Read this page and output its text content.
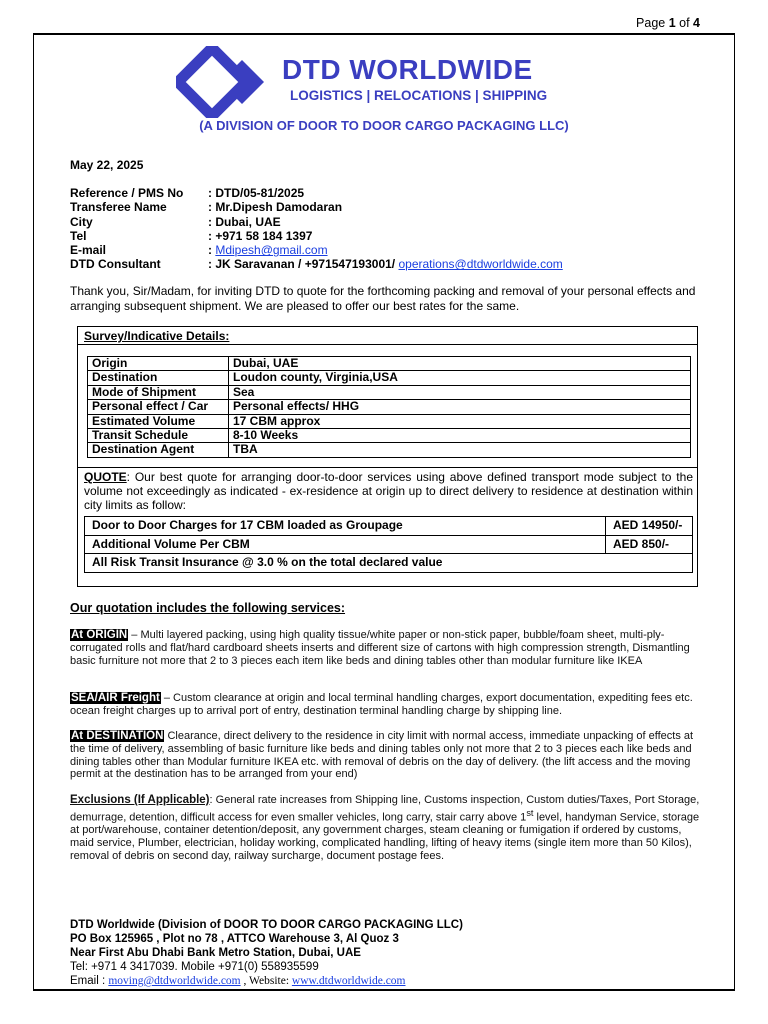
Page 1 of 4
DTD WORLDWIDE
LOGISTICS | RELOCATIONS | SHIPPING
(A DIVISION OF DOOR TO DOOR CARGO PACKAGING LLC)
May 22, 2025
Reference / PMS No : DTD/05-81/2025
Transferee Name	: Mr.Dipesh Damodaran
City	: Dubai, UAE
Tel	: +971 58 184 1397
E-mail	: Mdipesh@gmail.com
DTD Consultant	: JK Saravanan / +971547193001/ operations@dtdworldwide.com
Thank you, Sir/Madam, for inviting DTD to quote for the forthcoming packing and removal of your personal effects and arranging subsequent shipment. We are pleased to offer our best rates for the same.
Survey/Indicative Details:
Origin	Dubai, UAE
Destination	Loudon county, Virginia,USA
Mode of Shipment	Sea
Personal effect / Car	Personal effects/ HHG
Estimated Volume	17 CBM approx
Transit Schedule	8-10 Weeks
Destination Agent	TBA
QUOTE: Our best quote for arranging door-to-door services using above defined transport mode subject to the volume not exceedingly as indicated - ex-residence at origin up to direct delivery to residence at destination within city limits as follow:
Door to Door Charges for 17 CBM loaded as Groupage	AED 14950/-
Additional Volume Per CBM	AED 850/-
All Risk Transit Insurance @ 3.0 % on the total declared value	
Our quotation includes the following services:
At ORIGIN – Multi layered packing, using high quality tissue/white paper or non-stick paper, bubble/foam sheet, multi-ply-corrugated rolls and flat/hard cardboard sheets inserts and different size of cartons with high compression strength, Dismantling basic furniture not more that 2 to 3 pieces each item like beds and dining tables other than modular furniture like IKEA
SEA/AIR Freight – Custom clearance at origin and local terminal handling charges, export documentation, expediting fees etc. ocean freight charges up to arrival port of entry, destination terminal handling charge by shipping line.
At DESTINATION Clearance, direct delivery to the residence in city limit with normal access, immediate unpacking of effects at the time of delivery, assembling of basic furniture like beds and dining tables only not more that 2 to 3 pieces each like beds and dining tables other than Modular furniture IKEA etc. with removal of debris on the day of delivery. (the lift access and the moving permit at the destination has to be arranged from your end)
Exclusions (If Applicable): General rate increases from Shipping line, Customs inspection, Custom duties/Taxes, Port Storage, demurrage, detention, difficult access for even smaller vehicles, long carry, stair carry above 1st level, handyman Service, storage at port/warehouse, container detention/deposit, any government charges, steam cleaning or fumigation if ordered by customs, maid service, Plumber, electrician, holiday working, complicated handling, lifting of heavy items (single item more than 50 Kilos), removal of debris on second day, railway surcharge, document postage fees.
DTD Worldwide (Division of DOOR TO DOOR CARGO PACKAGING LLC)
PO Box 125965 , Plot no 78 , ATTCO Warehouse 3, Al Quoz 3
Near First Abu Dhabi Bank Metro Station, Dubai, UAE
Tel: +971 4 3417039. Mobile +971(0) 558935599
Email : moving@dtdworldwide.com , Website: www.dtdworldwide.com
